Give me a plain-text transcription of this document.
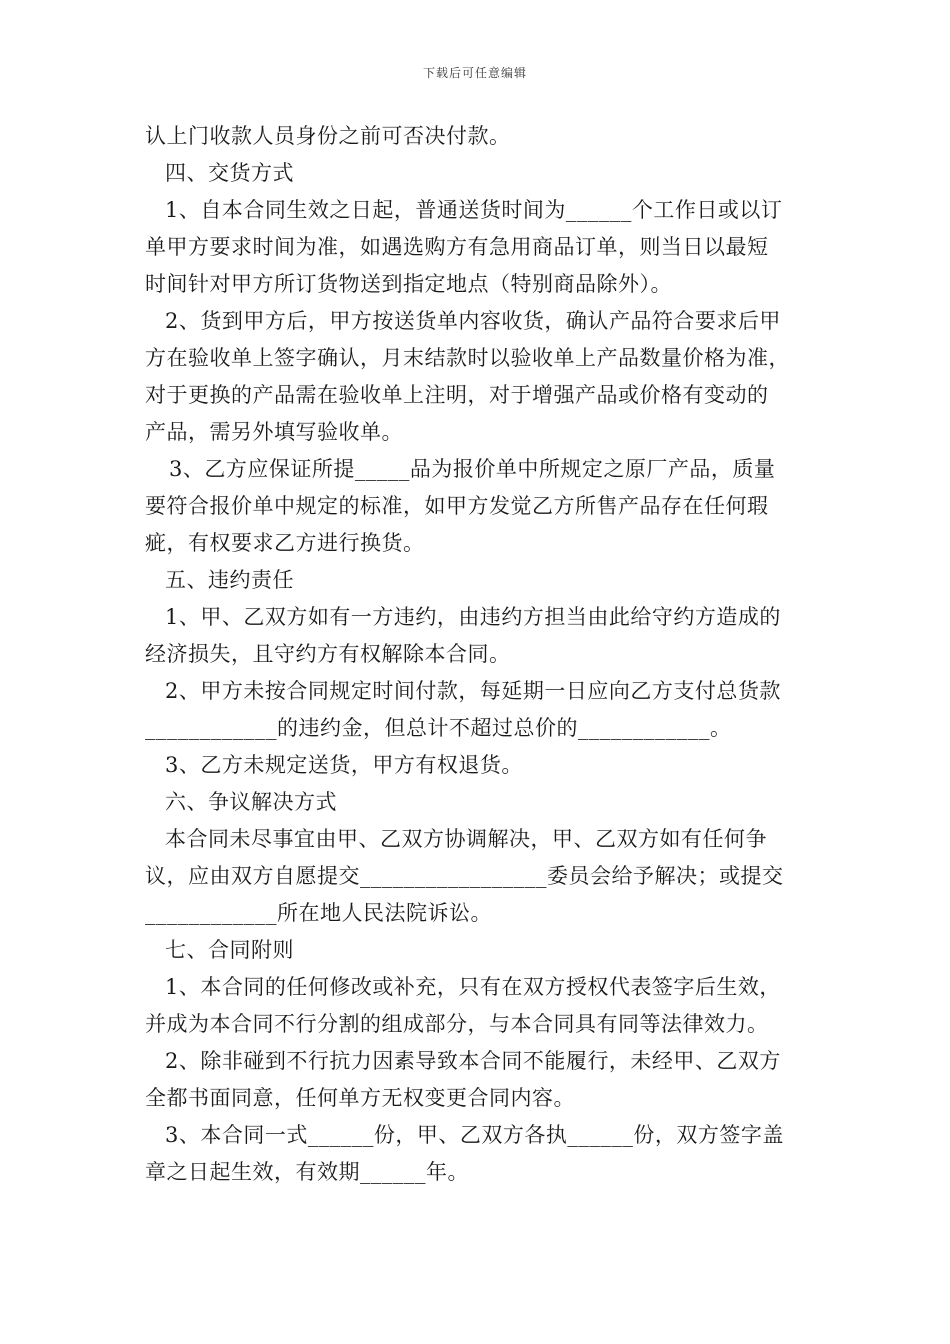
下载后可任意编辑
认上门收款人员身份之前可否决付款。
四、交货方式
1、自本合同生效之日起，普通送货时间为______个工作日或以订
单甲方要求时间为准，如遇选购方有急用商品订单，则当日以最短
时间针对甲方所订货物送到指定地点（特别商品除外）。
2、货到甲方后，甲方按送货单内容收货，确认产品符合要求后甲
方在验收单上签字确认，月末结款时以验收单上产品数量价格为准，
对于更换的产品需在验收单上注明，对于增强产品或价格有变动的
产品，需另外填写验收单。
3、乙方应保证所提_____品为报价单中所规定之原厂产品，质量
要符合报价单中规定的标准，如甲方发觉乙方所售产品存在任何瑕
疵，有权要求乙方进行换货。
五、违约责任
1、甲、乙双方如有一方违约，由违约方担当由此给守约方造成的
经济损失，且守约方有权解除本合同。
2、甲方未按合同规定时间付款，每延期一日应向乙方支付总货款
____________的违约金，但总计不超过总价的____________。
3、乙方未规定送货，甲方有权退货。
六、争议解决方式
本合同未尽事宜由甲、乙双方协调解决，甲、乙双方如有任何争
议，应由双方自愿提交_________________委员会给予解决；或提交
____________所在地人民法院诉讼。
七、合同附则
1、本合同的任何修改或补充，只有在双方授权代表签字后生效，
并成为本合同不行分割的组成部分，与本合同具有同等法律效力。
2、除非碰到不行抗力因素导致本合同不能履行，未经甲、乙双方
全都书面同意，任何单方无权变更合同内容。
3、本合同一式______份，甲、乙双方各执______份，双方签字盖
章之日起生效，有效期______年。
